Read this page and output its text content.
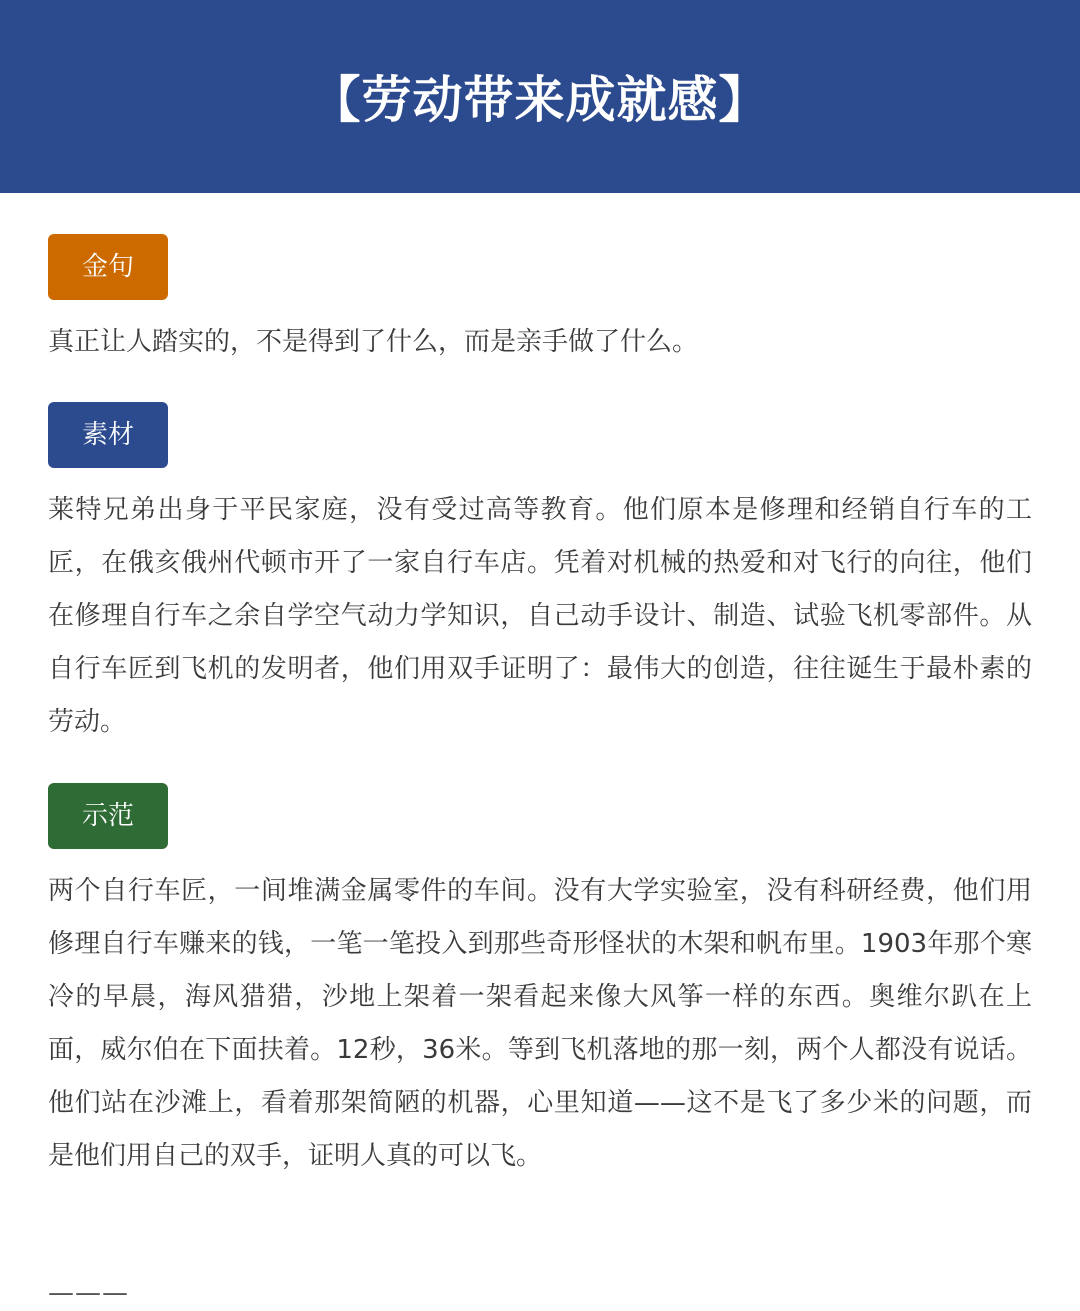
【劳动带来成就感】
金句

真正让人踏实的，不是得到了什么，而是亲手做了什么。

素材

莱特兄弟出身于平民家庭，没有受过高等教育。他们原本是修理和经销自行车的工匠，在俄亥俄州代顿市开了一家自行车店。凭着对机械的热爱和对飞行的向往，他们在修理自行车之余自学空气动力学知识，自己动手设计、制造、试验飞机零部件。从自行车匠到飞机的发明者，他们用双手证明了：最伟大的创造，往往诞生于最朴素的劳动。

示范

两个自行车匠，一间堆满金属零件的车间。没有大学实验室，没有科研经费，他们用修理自行车赚来的钱，一笔一笔投入到那些奇形怪状的木架和帆布里。1903年那个寒冷的早晨，海风猎猎，沙地上架着一架看起来像大风筝一样的东西。奥维尔趴在上面，威尔伯在下面扶着。12秒，36米。等到飞机落地的那一刻，两个人都没有说话。他们站在沙滩上，看着那架简陋的机器，心里知道——这不是飞了多少米的问题，而是他们用自己的双手，证明人真的可以飞。

———
